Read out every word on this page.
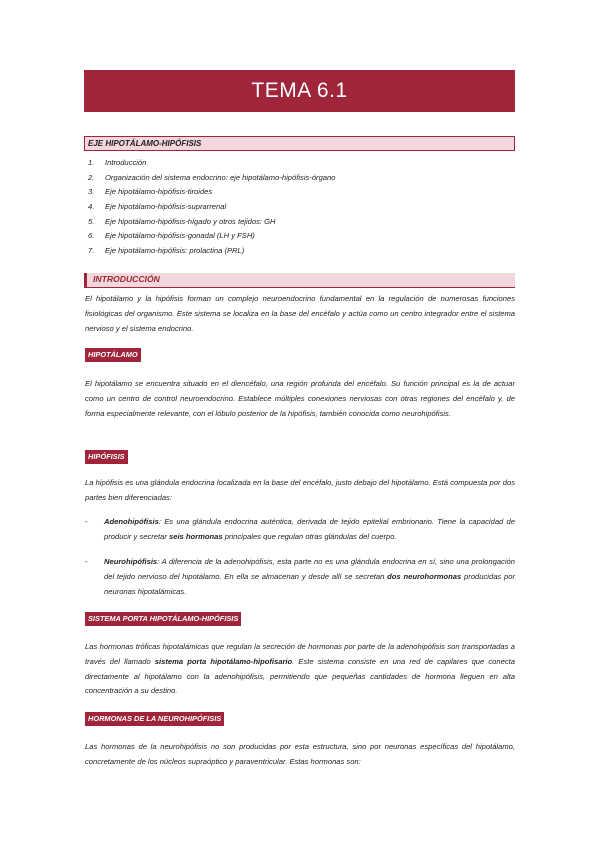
TEMA 6.1
EJE HIPOTÁLAMO-HIPÓFISIS
1.	Introducción
2.	Organización del sistema endocrino: eje hipotálamo-hipófisis-órgano
3.	Eje hipotálamo-hipófisis-tiroides
4.	Eje hipotálamo-hipófisis-suprarrenal
5.	Eje hipotálamo-hipófisis-hígado y otros tejidos: GH
6.	Eje hipotálamo-hipófisis-gonadal (LH y FSH)
7.	Eje hipotálamo-hipófisis: prolactina (PRL)
INTRODUCCIÓN

El hipotálamo y la hipófisis forman un complejo neuroendocrino fundamental en la regulación de numerosas funciones fisiológicas del organismo. Este sistema se localiza en la base del encéfalo y actúa como un centro integrador entre el sistema nervioso y el sistema endocrino.

HIPOTÁLAMO

El hipotálamo se encuentra situado en el diencéfalo, una región profunda del encéfalo. Su función principal es la de actuar como un centro de control neuroendocrino. Establece múltiples conexiones nerviosas con otras regiones del encéfalo y, de forma especialmente relevante, con el lóbulo posterior de la hipófisis, también conocida como neurohipófisis.

HIPÓFISIS

La hipófisis es una glándula endocrina localizada en la base del encéfalo, justo debajo del hipotálamo. Está compuesta por dos partes bien diferenciadas:

- Adenohipófisis: Es una glándula endocrina auténtica, derivada de tejido epitelial embrionario. Tiene la capacidad de producir y secretar seis hormonas principales que regulan otras glándulas del cuerpo.
- Neurohipófisis: A diferencia de la adenohipófisis, esta parte no es una glándula endocrina en sí, sino una prolongación del tejido nervioso del hipotálamo. En ella se almacenan y desde allí se secretan dos neurohormonas producidas por neuronas hipotalámicas.
SISTEMA PORTA HIPOTÁLAMO-HIPÓFISIS

Las hormonas tróficas hipotalámicas que regulan la secreción de hormonas por parte de la adenohipófisis son transportadas a través del llamado sistema porta hipotálamo-hipofisario. Este sistema consiste en una red de capilares que conecta directamente al hipotálamo con la adenohipófisis, permitiendo que pequeñas cantidades de hormona lleguen en alta concentración a su destino.

HORMONAS DE LA NEUROHIPÓFISIS

Las hormonas de la neurohipófisis no son producidas por esta estructura, sino por neuronas específicas del hipotálamo, concretamente de los núcleos supraóptico y paraventricular. Estas hormonas son:
